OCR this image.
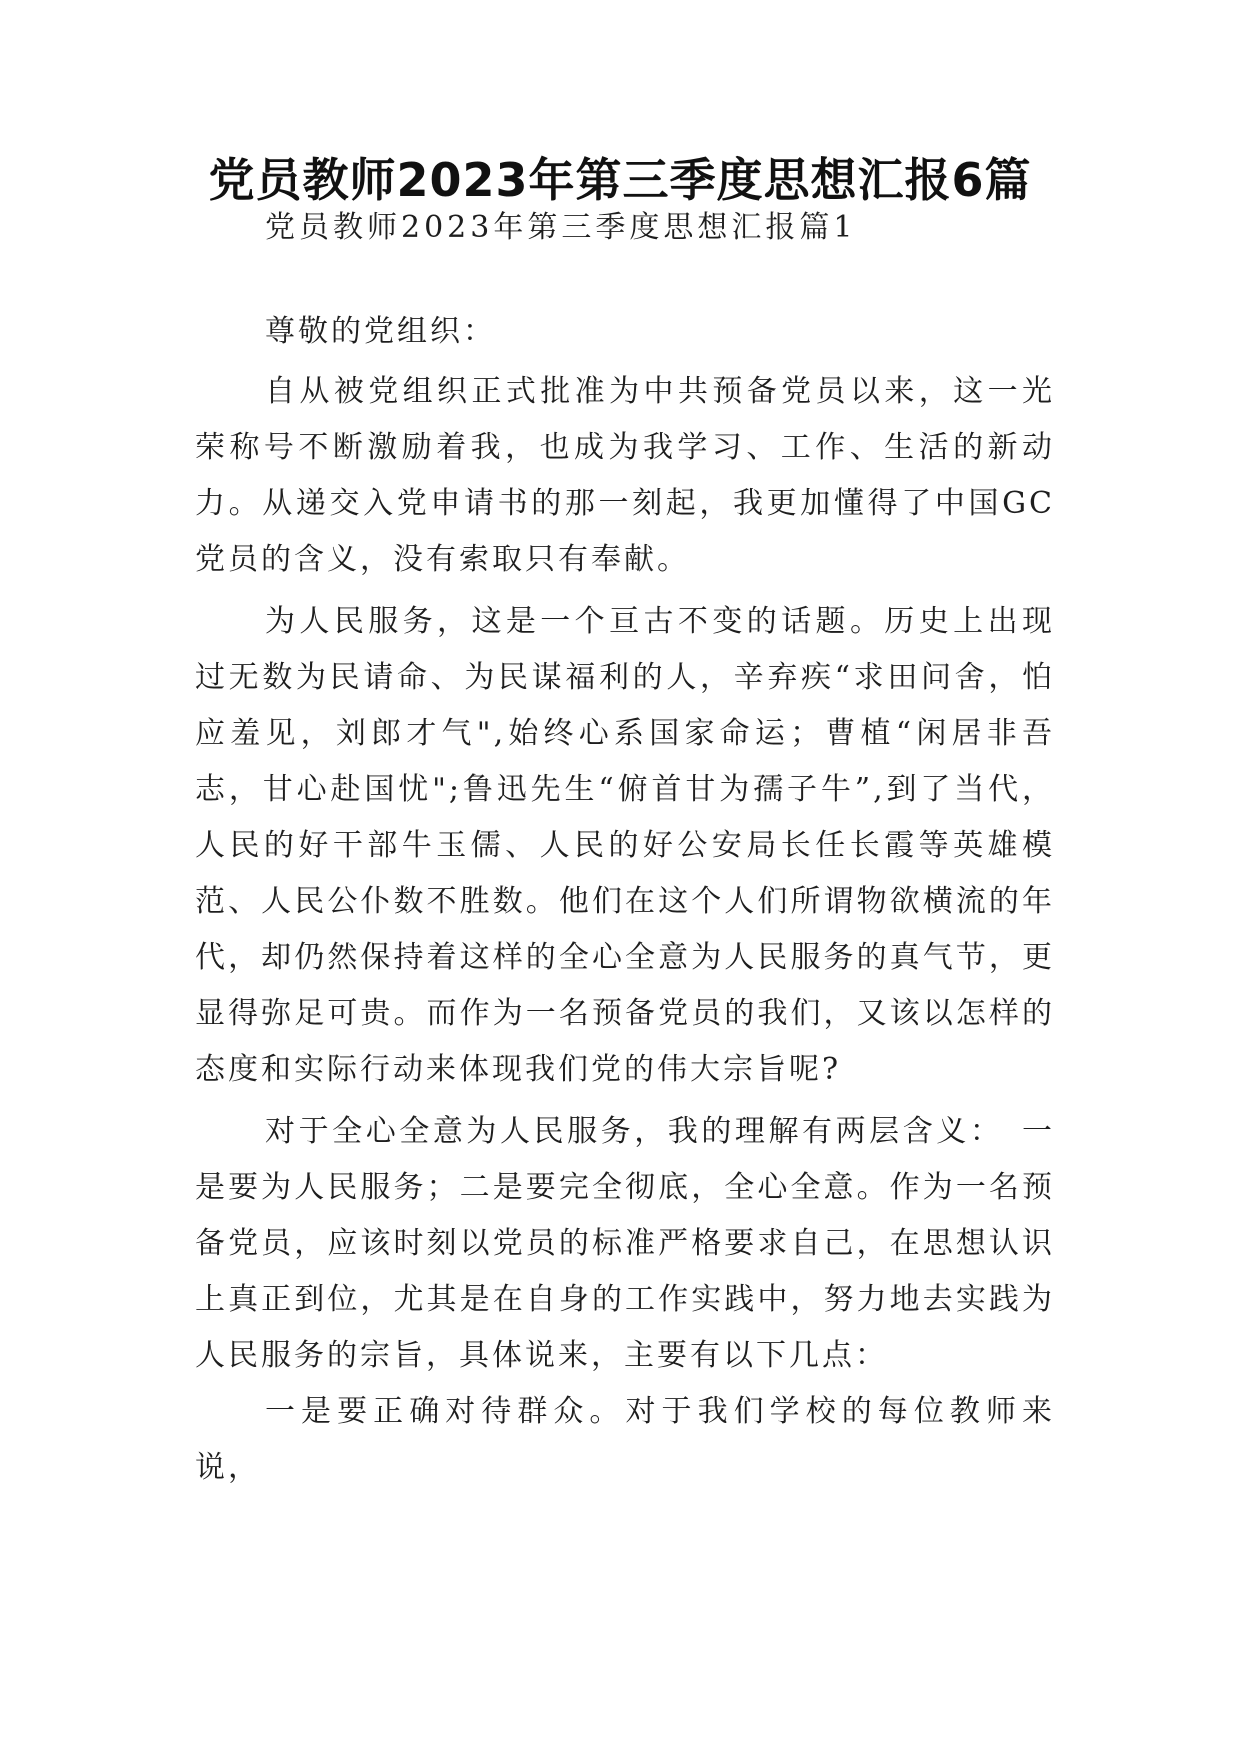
党员教师2023年第三季度思想汇报6篇

党员教师2023年第三季度思想汇报篇1

尊敬的党组织：

自从被党组织正式批准为中共预备党员以来，这一光荣称号不断激励着我，也成为我学习、工作、生活的新动力。从递交入党申请书的那一刻起，我更加懂得了中国GC党员的含义，没有索取只有奉献。

为人民服务，这是一个亘古不变的话题。历史上出现过无数为民请命、为民谋福利的人，辛弃疾“求田问舍，怕应羞见，刘郎才气",始终心系国家命运；曹植“闲居非吾志，甘心赴国忧";鲁迅先生“俯首甘为孺子牛”,到了当代，人民的好干部牛玉儒、人民的好公安局长任长霞等英雄模范、人民公仆数不胜数。他们在这个人们所谓物欲横流的年代，却仍然保持着这样的全心全意为人民服务的真气节，更显得弥足可贵。而作为一名预备党员的我们，又该以怎样的态度和实际行动来体现我们党的伟大宗旨呢?

对于全心全意为人民服务，我的理解有两层含义：　一是要为人民服务；二是要完全彻底，全心全意。作为一名预备党员，应该时刻以党员的标准严格要求自己，在思想认识上真正到位，尤其是在自身的工作实践中，努力地去实践为人民服务的宗旨，具体说来，主要有以下几点：

一是要正确对待群众。对于我们学校的每位教师来说，
